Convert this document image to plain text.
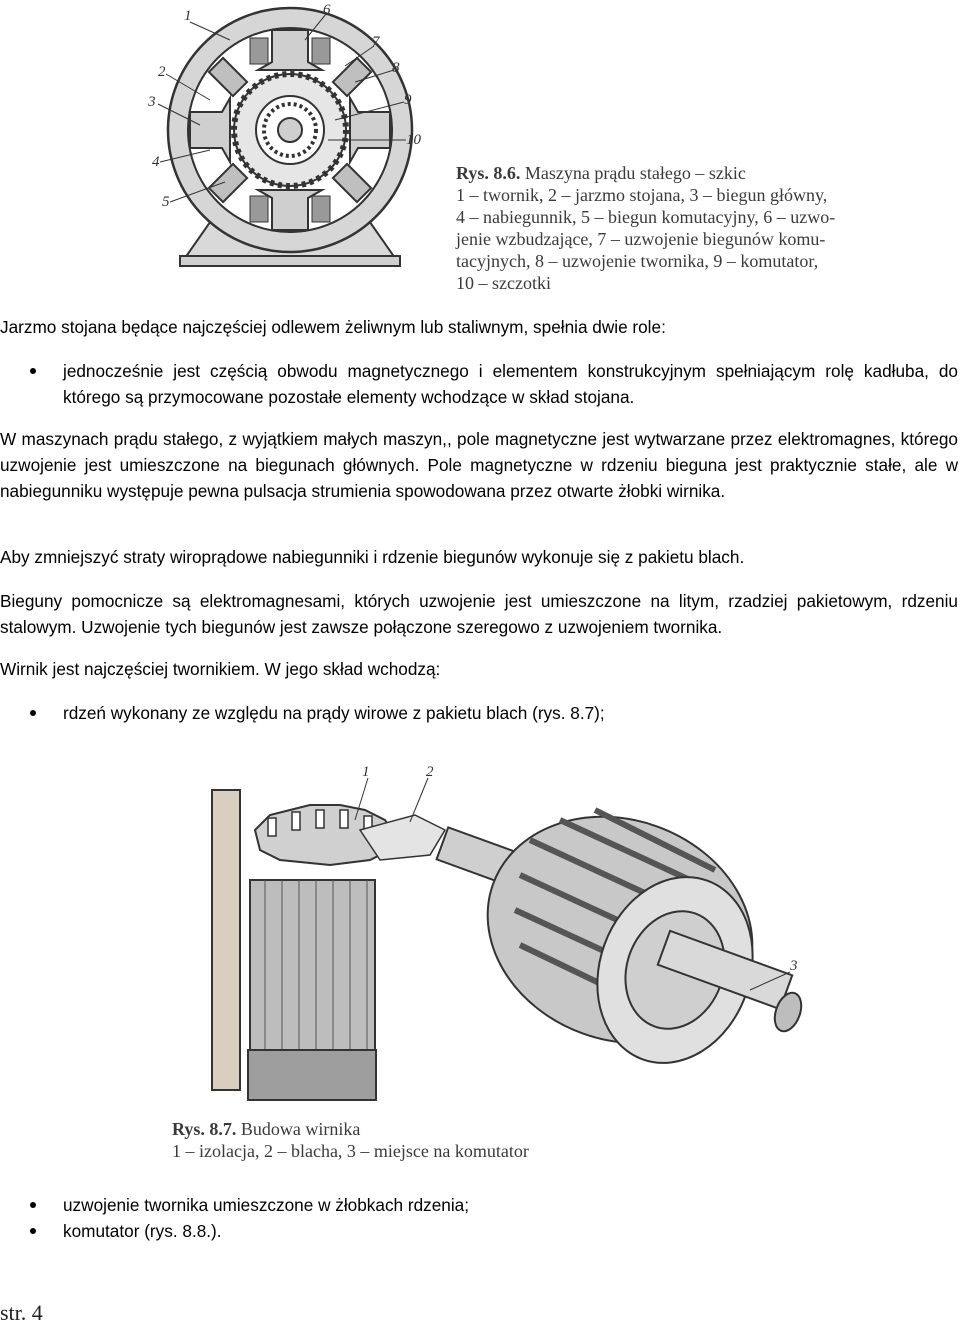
1
2
3
4
5
6
7
8
9
10
Rys. 8.6. Maszyna prądu stałego – szkic
1 – twornik, 2 – jarzmo stojana, 3 – biegun główny,
4 – nabiegunnik, 5 – biegun komutacyjny, 6 – uzwo-
jenie wzbudzające, 7 – uzwojenie biegunów komu-
tacyjnych, 8 – uzwojenie twornika, 9 – komutator,
10 – szczotki
Jarzmo stojana będące najczęściej odlewem żeliwnym lub staliwnym, spełnia dwie role:
jednocześnie jest częścią obwodu magnetycznego i elementem konstrukcyjnym spełniającym rolę kadłuba, do którego są przymocowane pozostałe elementy wchodzące w skład stojana.
W maszynach prądu stałego, z wyjątkiem małych maszyn,, pole magnetyczne jest wytwarzane przez elektromagnes, którego uzwojenie jest umieszczone na biegunach głównych. Pole magnetyczne w rdzeniu bieguna jest praktycznie stałe, ale w nabiegunniku występuje pewna pulsacja strumienia spowodowana przez otwarte żłobki wirnika.
Aby zmniejszyć straty wiroprądowe nabiegunniki i rdzenie biegunów wykonuje się z pakietu blach.
Bieguny pomocnicze są elektromagnesami, których uzwojenie jest umieszczone na litym, rzadziej pakietowym, rdzeniu stalowym. Uzwojenie tych biegunów jest zawsze połączone szeregowo z uzwojeniem twornika.
Wirnik jest najczęściej twornikiem. W jego skład wchodzą:
rdzeń wykonany ze względu na prądy wirowe z pakietu blach (rys. 8.7);
1	2
3
Rys. 8.7. Budowa wirnika
1 – izolacja, 2 – blacha, 3 – miejsce na komutator
uzwojenie twornika umieszczone w żłobkach rdzenia;
komutator (rys. 8.8.).
str. 4
